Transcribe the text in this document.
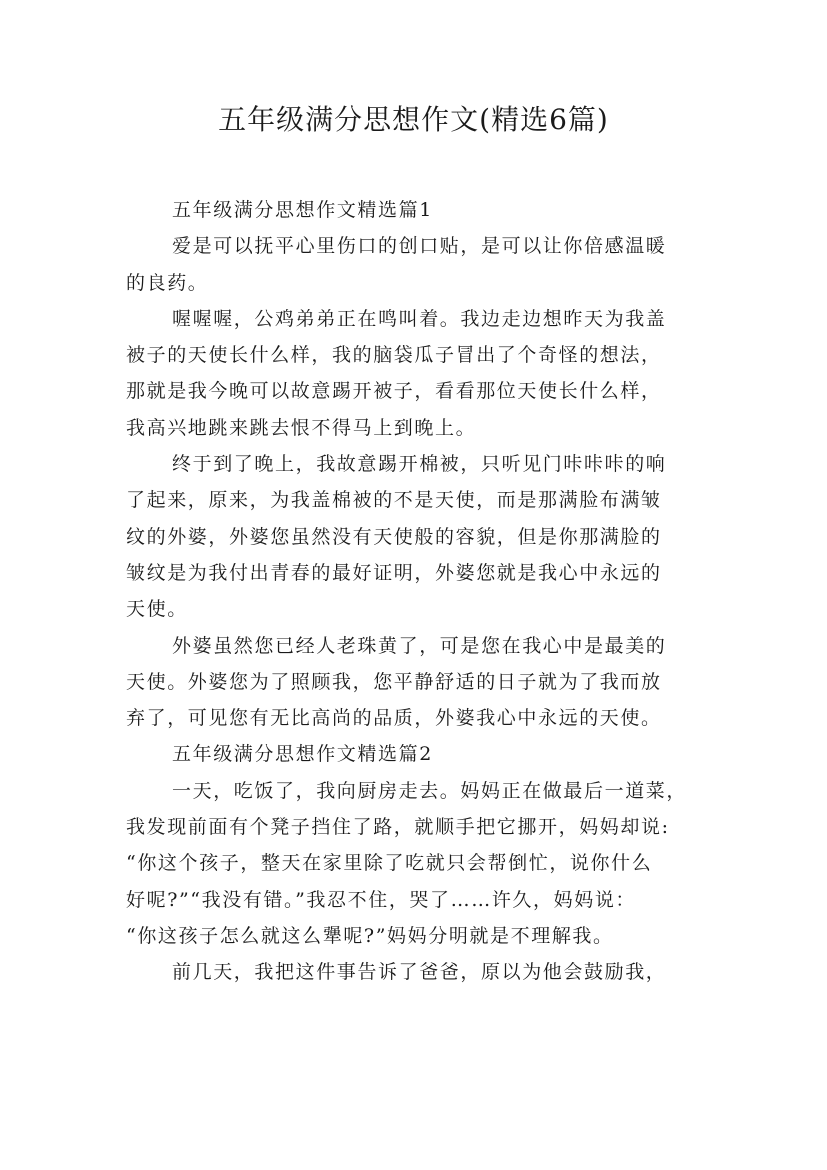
五年级满分思想作文(精选6篇)
五年级满分思想作文精选篇1
爱是可以抚平心里伤口的创口贴，是可以让你倍感温暖
的良药。
喔喔喔，公鸡弟弟正在鸣叫着。我边走边想昨天为我盖
被子的天使长什么样，我的脑袋瓜子冒出了个奇怪的想法，
那就是我今晚可以故意踢开被子，看看那位天使长什么样，
我高兴地跳来跳去恨不得马上到晚上。
终于到了晚上，我故意踢开棉被，只听见门咔咔咔的响
了起来，原来，为我盖棉被的不是天使，而是那满脸布满皱
纹的外婆，外婆您虽然没有天使般的容貌，但是你那满脸的
皱纹是为我付出青春的最好证明，外婆您就是我心中永远的
天使。
外婆虽然您已经人老珠黄了，可是您在我心中是最美的
天使。外婆您为了照顾我，您平静舒适的日子就为了我而放
弃了，可见您有无比高尚的品质，外婆我心中永远的天使。
五年级满分思想作文精选篇2
一天，吃饭了，我向厨房走去。妈妈正在做最后一道菜，
我发现前面有个凳子挡住了路，就顺手把它挪开，妈妈却说:
“你这个孩子，整天在家里除了吃就只会帮倒忙，说你什么
好呢?”“我没有错。”我忍不住，哭了……许久，妈妈说：
“你这孩子怎么就这么犟呢?”妈妈分明就是不理解我。
前几天，我把这件事告诉了爸爸，原以为他会鼓励我，
